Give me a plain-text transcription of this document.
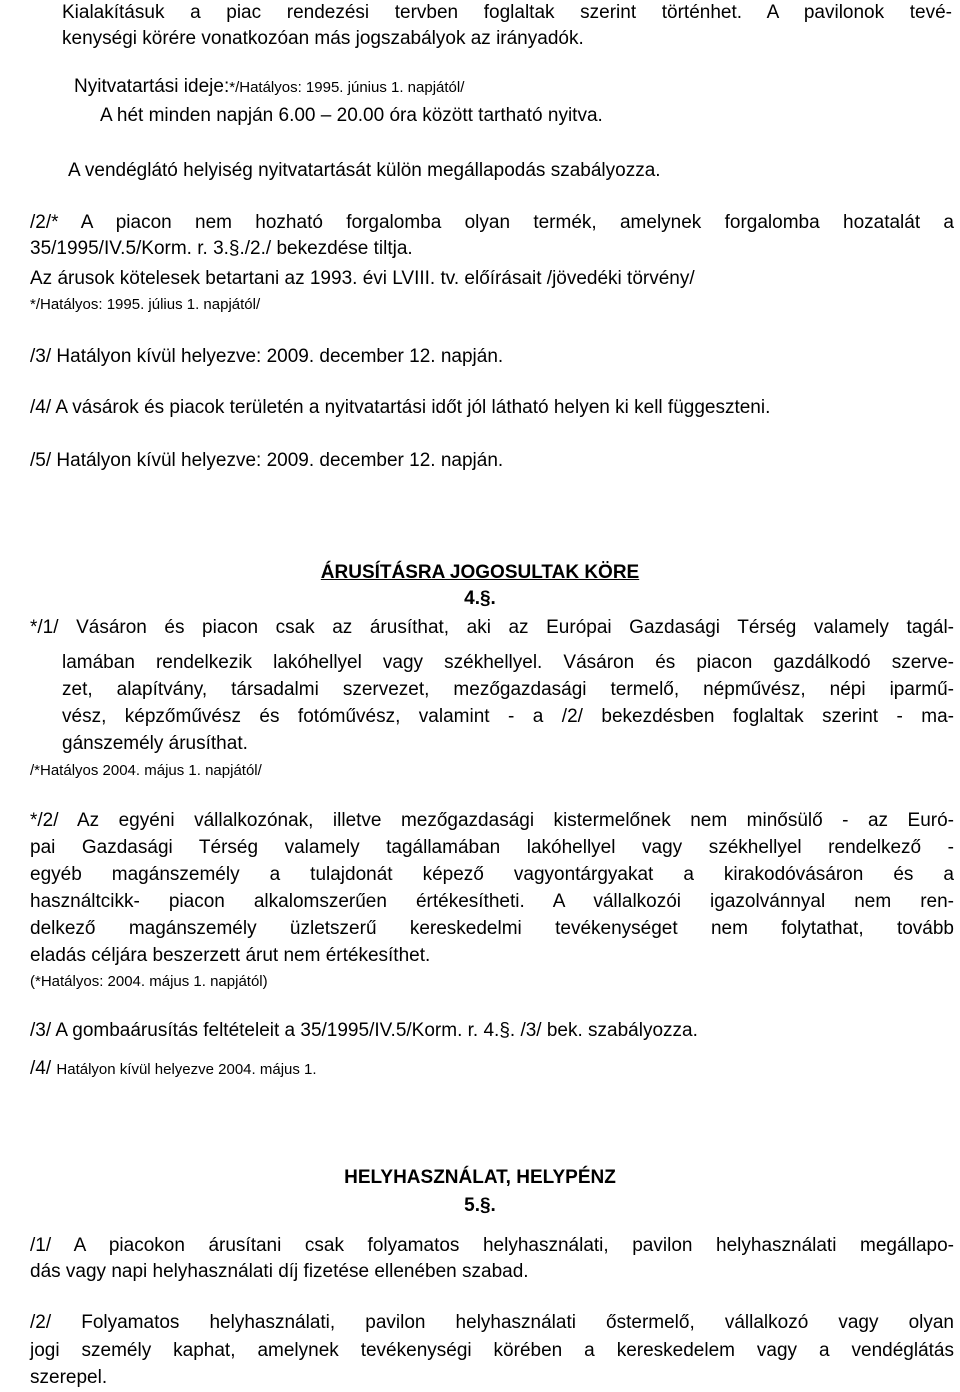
Kialakításuk a piac rendezési tervben foglaltak szerint történhet. A pavilonok tevé-
kenységi körére vonatkozóan más jogszabályok az irányadók.
Nyitvatartási ideje:*/Hatályos: 1995. június 1. napjától/
A hét minden napján 6.00 – 20.00 óra között tartható nyitva.
A vendéglátó helyiség nyitvatartását külön megállapodás szabályozza.
/2/* A piacon nem hozható forgalomba olyan termék, amelynek forgalomba hozatalát a
35/1995/IV.5/Korm. r. 3.§./2./ bekezdése tiltja.
Az árusok kötelesek betartani az 1993. évi LVIII. tv. előírásait /jövedéki törvény/
*/Hatályos: 1995. július 1. napjától/
/3/ Hatályon kívül helyezve: 2009. december 12. napján.
/4/ A vásárok és piacok területén a nyitvatartási időt jól látható helyen ki kell függeszteni.
/5/ Hatályon kívül helyezve: 2009. december 12. napján.
ÁRUSÍTÁSRA JOGOSULTAK KÖRE
4.§.
*/1/ Vásáron és piacon csak az árusíthat, aki az Európai Gazdasági Térség valamely tagál-
lamában rendelkezik lakóhellyel vagy székhellyel. Vásáron és piacon gazdálkodó szerve-
zet, alapítvány, társadalmi szervezet, mezőgazdasági termelő, népművész, népi iparmű-
vész, képzőművész és fotóművész, valamint - a /2/ bekezdésben foglaltak szerint - ma-
gánszemély árusíthat.
/*Hatályos 2004. május 1. napjától/
*/2/ Az egyéni vállalkozónak, illetve mezőgazdasági kistermelőnek nem minősülő - az Euró-
pai Gazdasági Térség valamely tagállamában lakóhellyel vagy székhellyel rendelkező -
egyéb magánszemély a tulajdonát képező vagyontárgyakat a kirakodóvásáron és a
használtcikk- piacon alkalomszerűen értékesítheti. A vállalkozói igazolvánnyal nem ren-
delkező magánszemély üzletszerű kereskedelmi tevékenységet nem folytathat, tovább
eladás céljára beszerzett árut nem értékesíthet.
(*Hatályos: 2004. május 1. napjától)
/3/ A gombaárusítás feltételeit a 35/1995/IV.5/Korm. r. 4.§. /3/ bek. szabályozza.
/4/ Hatályon kívül helyezve 2004. május 1.
HELYHASZNÁLAT, HELYPÉNZ
5.§.
/1/ A piacokon árusítani csak folyamatos helyhasználati, pavilon helyhasználati megállapo-
dás vagy napi helyhasználati díj fizetése ellenében szabad.
/2/ Folyamatos helyhasználati, pavilon helyhasználati őstermelő, vállalkozó vagy olyan
jogi személy kaphat, amelynek tevékenységi körében a kereskedelem vagy a vendéglátás
szerepel.
